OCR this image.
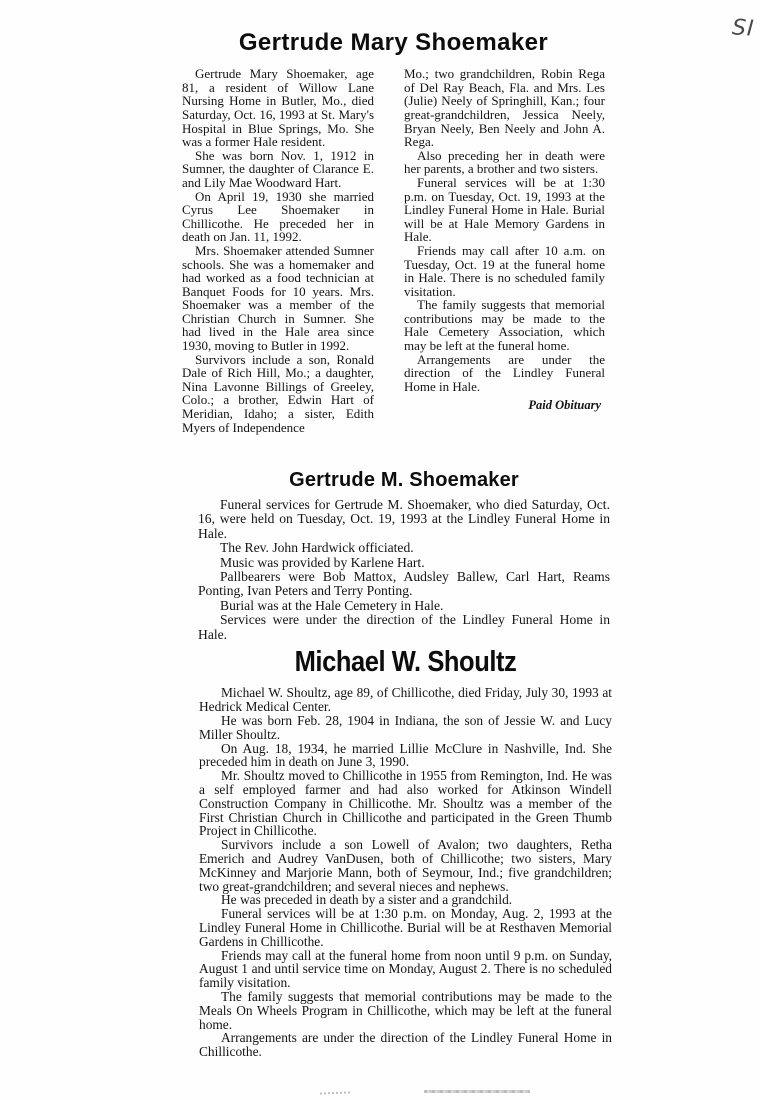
SI
Gertrude Mary Shoemaker

Gertrude Mary Shoemaker, age 81, a resident of Willow Lane Nursing Home in Butler, Mo., died Saturday, Oct. 16, 1993 at St. Mary's Hospital in Blue Springs, Mo. She was a former Hale resident.

She was born Nov. 1, 1912 in Sumner, the daughter of Clarance E. and Lily Mae Woodward Hart.

On April 19, 1930 she married Cyrus Lee Shoemaker in Chillicothe. He preceded her in death on Jan. 11, 1992.

Mrs. Shoemaker attended Sumner schools. She was a homemaker and had worked as a food technician at Banquet Foods for 10 years. Mrs. Shoemaker was a member of the Christian Church in Sumner. She had lived in the Hale area since 1930, moving to Butler in 1992.

Survivors include a son, Ronald Dale of Rich Hill, Mo.; a daughter, Nina Lavonne Billings of Greeley, Colo.; a brother, Edwin Hart of Meridian, Idaho; a sister, Edith Myers of Independence

Mo.; two grandchildren, Robin Rega of Del Ray Beach, Fla. and Mrs. Les (Julie) Neely of Springhill, Kan.; four great-grandchildren, Jessica Neely, Bryan Neely, Ben Neely and John A. Rega.

Also preceding her in death were her parents, a brother and two sisters.

Funeral services will be at 1:30 p.m. on Tuesday, Oct. 19, 1993 at the Lindley Funeral Home in Hale. Burial will be at Hale Memory Gardens in Hale.

Friends may call after 10 a.m. on Tuesday, Oct. 19 at the funeral home in Hale. There is no scheduled family visitation.

The family suggests that memorial contributions may be made to the Hale Cemetery Association, which may be left at the funeral home.

Arrangements are under the direction of the Lindley Funeral Home in Hale.

Paid Obituary
Gertrude M. Shoemaker

Funeral services for Gertrude M. Shoemaker, who died Saturday, Oct. 16, were held on Tuesday, Oct. 19, 1993 at the Lindley Funeral Home in Hale.

The Rev. John Hardwick officiated.

Music was provided by Karlene Hart.

Pallbearers were Bob Mattox, Audsley Ballew, Carl Hart, Reams Ponting, Ivan Peters and Terry Ponting.

Burial was at the Hale Cemetery in Hale.

Services were under the direction of the Lindley Funeral Home in Hale.

Michael W. Shoultz

Michael W. Shoultz, age 89, of Chillicothe, died Friday, July 30, 1993 at Hedrick Medical Center.

He was born Feb. 28, 1904 in Indiana, the son of Jessie W. and Lucy Miller Shoultz.

On Aug. 18, 1934, he married Lillie McClure in Nashville, Ind. She preceded him in death on June 3, 1990.

Mr. Shoultz moved to Chillicothe in 1955 from Remington, Ind. He was a self employed farmer and had also worked for Atkinson Windell Construction Company in Chillicothe. Mr. Shoultz was a member of the First Christian Church in Chillicothe and participated in the Green Thumb Project in Chillicothe.

Survivors include a son Lowell of Avalon; two daughters, Retha Emerich and Audrey VanDusen, both of Chillicothe; two sisters, Mary McKinney and Marjorie Mann, both of Seymour, Ind.; five grandchildren; two great-grandchildren; and several nieces and nephews.

He was preceded in death by a sister and a grandchild.

Funeral services will be at 1:30 p.m. on Monday, Aug. 2, 1993 at the Lindley Funeral Home in Chillicothe. Burial will be at Resthaven Memorial Gardens in Chillicothe.

Friends may call at the funeral home from noon until 9 p.m. on Sunday, August 1 and until service time on Monday, August 2. There is no scheduled family visitation.

The family suggests that memorial contributions may be made to the Meals On Wheels Program in Chillicothe, which may be left at the funeral home.

Arrangements are under the direction of the Lindley Funeral Home in Chillicothe.
